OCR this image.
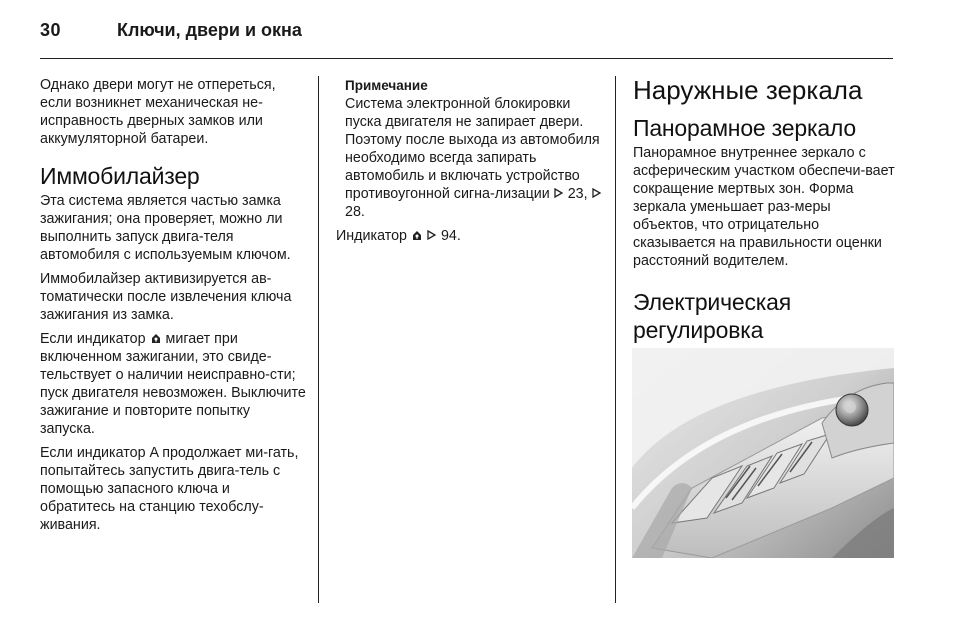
30	Ключи, двери и окна

Однако двери могут не отпереться, если возникнет механическая не-исправность дверных замков или аккумуляторной батареи.

Иммобилайзер

Эта система является частью замка зажигания; она проверяет, можно ли выполнить запуск двига-теля автомобиля с используемым ключом.

Иммобилайзер активизируется ав-томатически после извлечения ключа зажигания из замка.

Если индикатор мигает при включенном зажигании, это свиде-тельствует о наличии неисправно-сти; пуск двигателя невозможен. Выключите зажигание и повторите попытку запуска.

Если индикатор A продолжает ми-гать, попытайтесь запустить двига-тель с помощью запасного ключа и обратитесь на станцию техобслу-живания.

Примечание

Система электронной блокировки пуска двигателя не запирает двери. Поэтому после выхода из автомобиля необходимо всегда запирать автомобиль и включать устройство противоугонной сигна-лизации 23,  28.

Индикатор 94.

Наружные зеркала
Панорамное зеркало

Панорамное внутреннее зеркало с асферическим участком обеспечи-вает сокращение мертвых зон. Форма зеркала уменьшает раз-меры объектов, что отрицательно сказывается на правильности оценки расстояний водителем.

Электрическая регулировка
